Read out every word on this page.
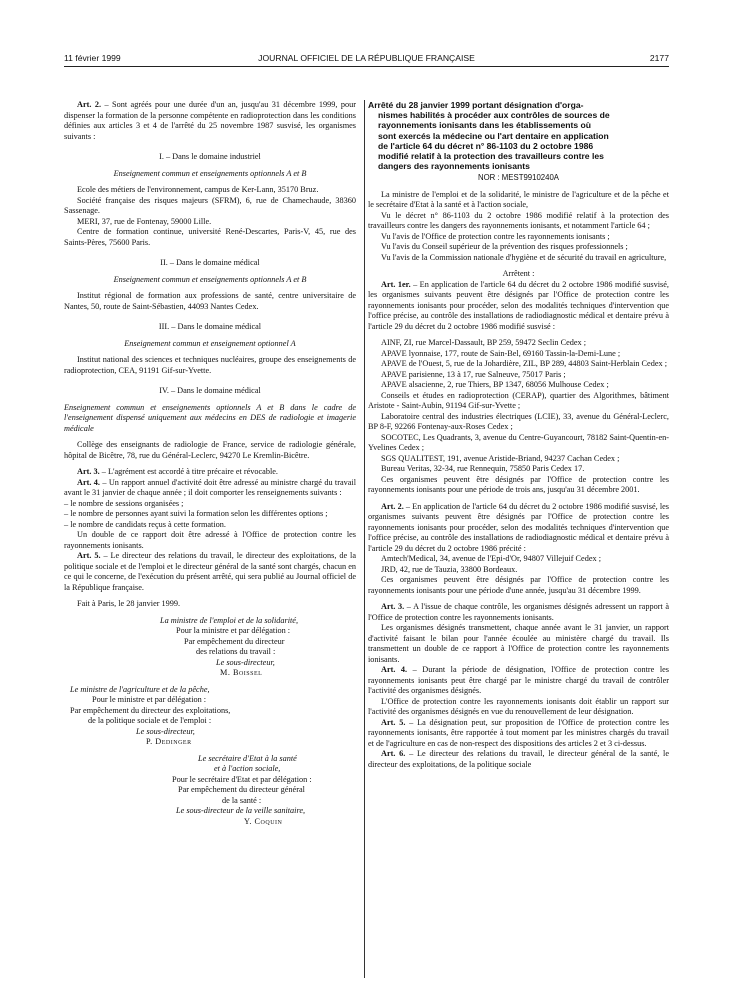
11 février 1999	JOURNAL OFFICIEL DE LA RÉPUBLIQUE FRANÇAISE	2177

Art. 2. – Sont agréés pour une durée d'un an, jusqu'au 31 décembre 1999, pour dispenser la formation de la personne compétente en radioprotection dans les conditions définies aux articles 3 et 4 de l'arrêté du 25 novembre 1987 susvisé, les organismes suivants :

I. – Dans le domaine industriel

Enseignement commun et enseignements optionnels A et B

Ecole des métiers de l'environnement, campus de Ker-Lann, 35170 Bruz.

Société française des risques majeurs (SFRM), 6, rue de Chamechaude, 38360 Sassenage.

MERI, 37, rue de Fontenay, 59000 Lille.

Centre de formation continue, université René-Descartes, Paris-V, 45, rue des Saints-Pères, 75600 Paris.

II. – Dans le domaine médical

Enseignement commun et enseignements optionnels A et B

Institut régional de formation aux professions de santé, centre universitaire de Nantes, 50, route de Saint-Sébastien, 44093 Nantes Cedex.

III. – Dans le domaine médical

Enseignement commun et enseignement optionnel A

Institut national des sciences et techniques nucléaires, groupe des enseignements de radioprotection, CEA, 91191 Gif-sur-Yvette.

IV. – Dans le domaine médical

Enseignement commun et enseignements optionnels A et B dans le cadre de l'enseignement dispensé uniquement aux médecins en DES de radiologie et imagerie médicale

Collège des enseignants de radiologie de France, service de radiologie générale, hôpital de Bicêtre, 78, rue du Général-Leclerc, 94270 Le Kremlin-Bicêtre.

Art. 3. – L'agrément est accordé à titre précaire et révocable.

Art. 4. – Un rapport annuel d'activité doit être adressé au ministre chargé du travail avant le 31 janvier de chaque année ; il doit comporter les renseignements suivants :

– le nombre de sessions organisées ;
– le nombre de personnes ayant suivi la formation selon les différentes options ;
– le nombre de candidats reçus à cette formation.

Un double de ce rapport doit être adressé à l'Office de protection contre les rayonnements ionisants.

Art. 5. – Le directeur des relations du travail, le directeur des exploitations, de la politique sociale et de l'emploi et le directeur général de la santé sont chargés, chacun en ce qui le concerne, de l'exécution du présent arrêté, qui sera publié au Journal officiel de la République française.

Fait à Paris, le 28 janvier 1999.

La ministre de l'emploi et de la solidarité,
Pour la ministre et par délégation :
Par empêchement du directeur
des relations du travail :
Le sous-directeur,
M. Boissel
Le ministre de l'agriculture et de la pêche,
Pour le ministre et par délégation :
Par empêchement du directeur des exploitations,
de la politique sociale et de l'emploi :
Le sous-directeur,
P. Dedinger
Le secrétaire d'Etat à la santé
et à l'action sociale,
Pour le secrétaire d'Etat et par délégation :
Par empêchement du directeur général
de la santé :
Le sous-directeur de la veille sanitaire,
Y. Coquin
Arrêté du 28 janvier 1999 portant désignation d'orga-
nismes habilités à procéder aux contrôles de sources de
rayonnements ionisants dans les établissements où
sont exercés la médecine ou l'art dentaire en application
de l'article 64 du décret n° 86-1103 du 2 octobre 1986
modifié relatif à la protection des travailleurs contre les
dangers des rayonnements ionisants

NOR : MEST9910240A

La ministre de l'emploi et de la solidarité, le ministre de l'agriculture et de la pêche et le secrétaire d'Etat à la santé et à l'action sociale,

Vu le décret n° 86-1103 du 2 octobre 1986 modifié relatif à la protection des travailleurs contre les dangers des rayonnements ionisants, et notamment l'article 64 ;

Vu l'avis de l'Office de protection contre les rayonnements ionisants ;

Vu l'avis du Conseil supérieur de la prévention des risques professionnels ;

Vu l'avis de la Commission nationale d'hygiène et de sécurité du travail en agriculture,

Arrêtent :

Art. 1er. – En application de l'article 64 du décret du 2 octobre 1986 modifié susvisé, les organismes suivants peuvent être désignés par l'Office de protection contre les rayonnements ionisants pour procéder, selon des modalités techniques d'intervention que l'office précise, au contrôle des installations de radiodiagnostic médical et dentaire prévu à l'article 29 du décret du 2 octobre 1986 modifié susvisé :

AINF, ZI, rue Marcel-Dassault, BP 259, 59472 Seclin Cedex ;

APAVE lyonnaise, 177, route de Sain-Bel, 69160 Tassin-la-Demi-Lune ;

APAVE de l'Ouest, 5, rue de la Johardière, ZIL, BP 289, 44803 Saint-Herblain Cedex ;

APAVE parisienne, 13 à 17, rue Salneuve, 75017 Paris ;

APAVE alsacienne, 2, rue Thiers, BP 1347, 68056 Mulhouse Cedex ;

Conseils et études en radioprotection (CERAP), quartier des Algorithmes, bâtiment Aristote - Saint-Aubin, 91194 Gif-sur-Yvette ;

Laboratoire central des industries électriques (LCIE), 33, avenue du Général-Leclerc, BP 8-F, 92266 Fontenay-aux-Roses Cedex ;

SOCOTEC, Les Quadrants, 3, avenue du Centre-Guyancourt, 78182 Saint-Quentin-en-Yvelines Cedex ;

SGS QUALITEST, 191, avenue Aristide-Briand, 94237 Cachan Cedex ;

Bureau Veritas, 32-34, rue Rennequin, 75850 Paris Cedex 17.

Ces organismes peuvent être désignés par l'Office de protection contre les rayonnements ionisants pour une période de trois ans, jusqu'au 31 décembre 2001.

Art. 2. – En application de l'article 64 du décret du 2 octobre 1986 modifié susvisé, les organismes suivants peuvent être désignés par l'Office de protection contre les rayonnements ionisants pour procéder, selon des modalités techniques d'intervention que l'office précise, au contrôle des installations de radiodiagnostic médical et dentaire prévu à l'article 29 du décret du 2 octobre 1986 précité :

Amtech'Medical, 34, avenue de l'Epi-d'Or, 94807 Villejuif Cedex ;

JRD, 42, rue de Tauzia, 33800 Bordeaux.

Ces organismes peuvent être désignés par l'Office de protection contre les rayonnements ionisants pour une période d'une année, jusqu'au 31 décembre 1999.

Art. 3. – A l'issue de chaque contrôle, les organismes désignés adressent un rapport à l'Office de protection contre les rayonnements ionisants.

Les organismes désignés transmettent, chaque année avant le 31 janvier, un rapport d'activité faisant le bilan pour l'année écoulée au ministère chargé du travail. Ils transmettent un double de ce rapport à l'Office de protection contre les rayonnements ionisants.

Art. 4. – Durant la période de désignation, l'Office de protection contre les rayonnements ionisants peut être chargé par le ministre chargé du travail de contrôler l'activité des organismes désignés.

L'Office de protection contre les rayonnements ionisants doit établir un rapport sur l'activité des organismes désignés en vue du renouvellement de leur désignation.

Art. 5. – La désignation peut, sur proposition de l'Office de protection contre les rayonnements ionisants, être rapportée à tout moment par les ministres chargés du travail et de l'agriculture en cas de non-respect des dispositions des articles 2 et 3 ci-dessus.

Art. 6. – Le directeur des relations du travail, le directeur général de la santé, le directeur des exploitations, de la politique sociale
